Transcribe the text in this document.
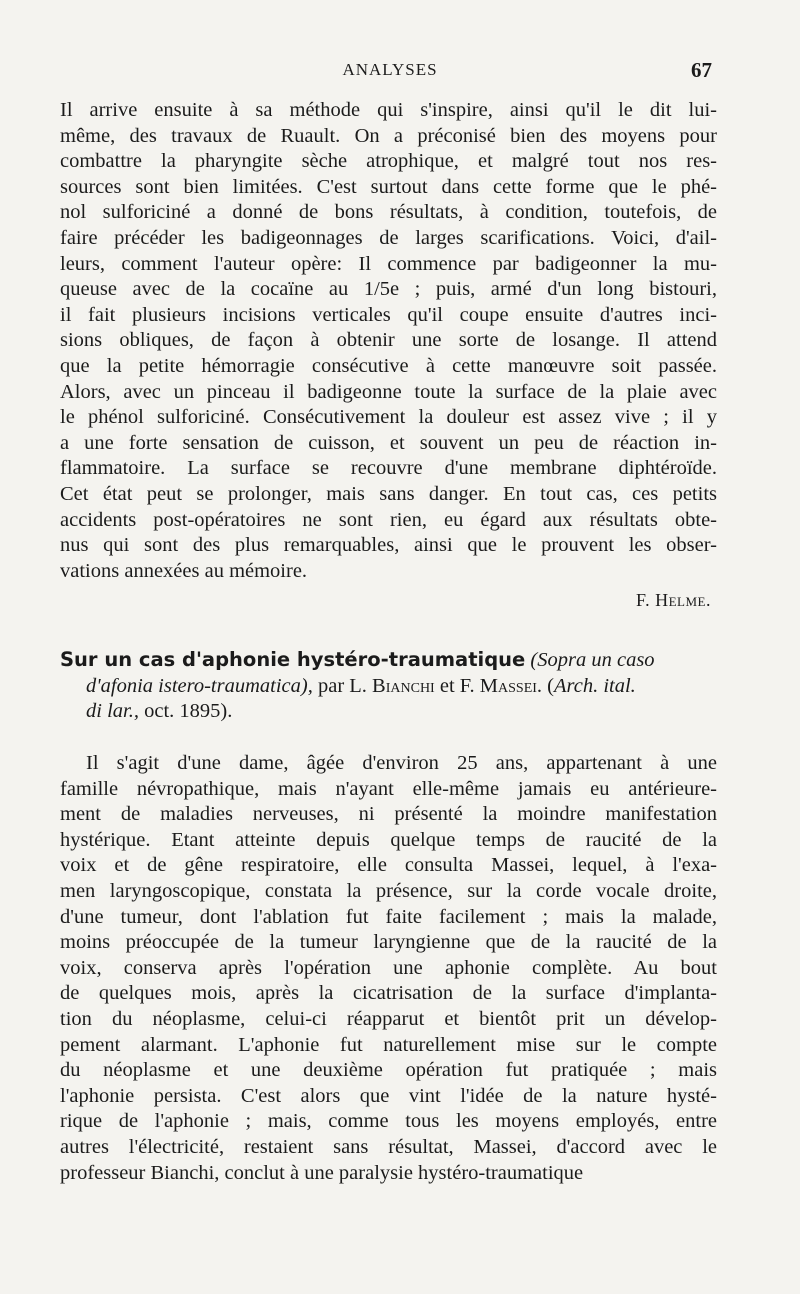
ANALYSES	67
Il arrive ensuite à sa méthode qui s'inspire, ainsi qu'il le dit lui-
même, des travaux de Ruault. On a préconisé bien des moyens pour
combattre la pharyngite sèche atrophique, et malgré tout nos res-
sources sont bien limitées. C'est surtout dans cette forme que le phé-
nol sulforiciné a donné de bons résultats, à condition, toutefois, de
faire précéder les badigeonnages de larges scarifications. Voici, d'ail-
leurs, comment l'auteur opère: Il commence par badigeonner la mu-
queuse avec de la cocaïne au 1/5e ; puis, armé d'un long bistouri,
il fait plusieurs incisions verticales qu'il coupe ensuite d'autres inci-
sions obliques, de façon à obtenir une sorte de losange. Il attend
que la petite hémorragie consécutive à cette manœuvre soit passée.
Alors, avec un pinceau il badigeonne toute la surface de la plaie avec
le phénol sulforiciné. Consécutivement la douleur est assez vive ; il y
a une forte sensation de cuisson, et souvent un peu de réaction in-
flammatoire. La surface se recouvre d'une membrane diphtéroïde.
Cet état peut se prolonger, mais sans danger. En tout cas, ces petits
accidents post-opératoires ne sont rien, eu égard aux résultats obte-
nus qui sont des plus remarquables, ainsi que le prouvent les obser-
vations annexées au mémoire.
F. Helme.
Sur un cas d'aphonie hystéro-traumatique (Sopra un caso
d'afonia istero-traumatica), par L. Bianchi et F. Massei. (Arch. ital.
di lar., oct. 1895).
Il s'agit d'une dame, âgée d'environ 25 ans, appartenant à une
famille névropathique, mais n'ayant elle-même jamais eu antérieure-
ment de maladies nerveuses, ni présenté la moindre manifestation
hystérique. Etant atteinte depuis quelque temps de raucité de la
voix et de gêne respiratoire, elle consulta Massei, lequel, à l'exa-
men laryngoscopique, constata la présence, sur la corde vocale droite,
d'une tumeur, dont l'ablation fut faite facilement ; mais la malade,
moins préoccupée de la tumeur laryngienne que de la raucité de la
voix, conserva après l'opération une aphonie complète. Au bout
de quelques mois, après la cicatrisation de la surface d'implanta-
tion du néoplasme, celui-ci réapparut et bientôt prit un dévelop-
pement alarmant. L'aphonie fut naturellement mise sur le compte
du néoplasme et une deuxième opération fut pratiquée ; mais
l'aphonie persista. C'est alors que vint l'idée de la nature hysté-
rique de l'aphonie ; mais, comme tous les moyens employés, entre
autres l'électricité, restaient sans résultat, Massei, d'accord avec le
professeur Bianchi, conclut à une paralysie hystéro-traumatique
